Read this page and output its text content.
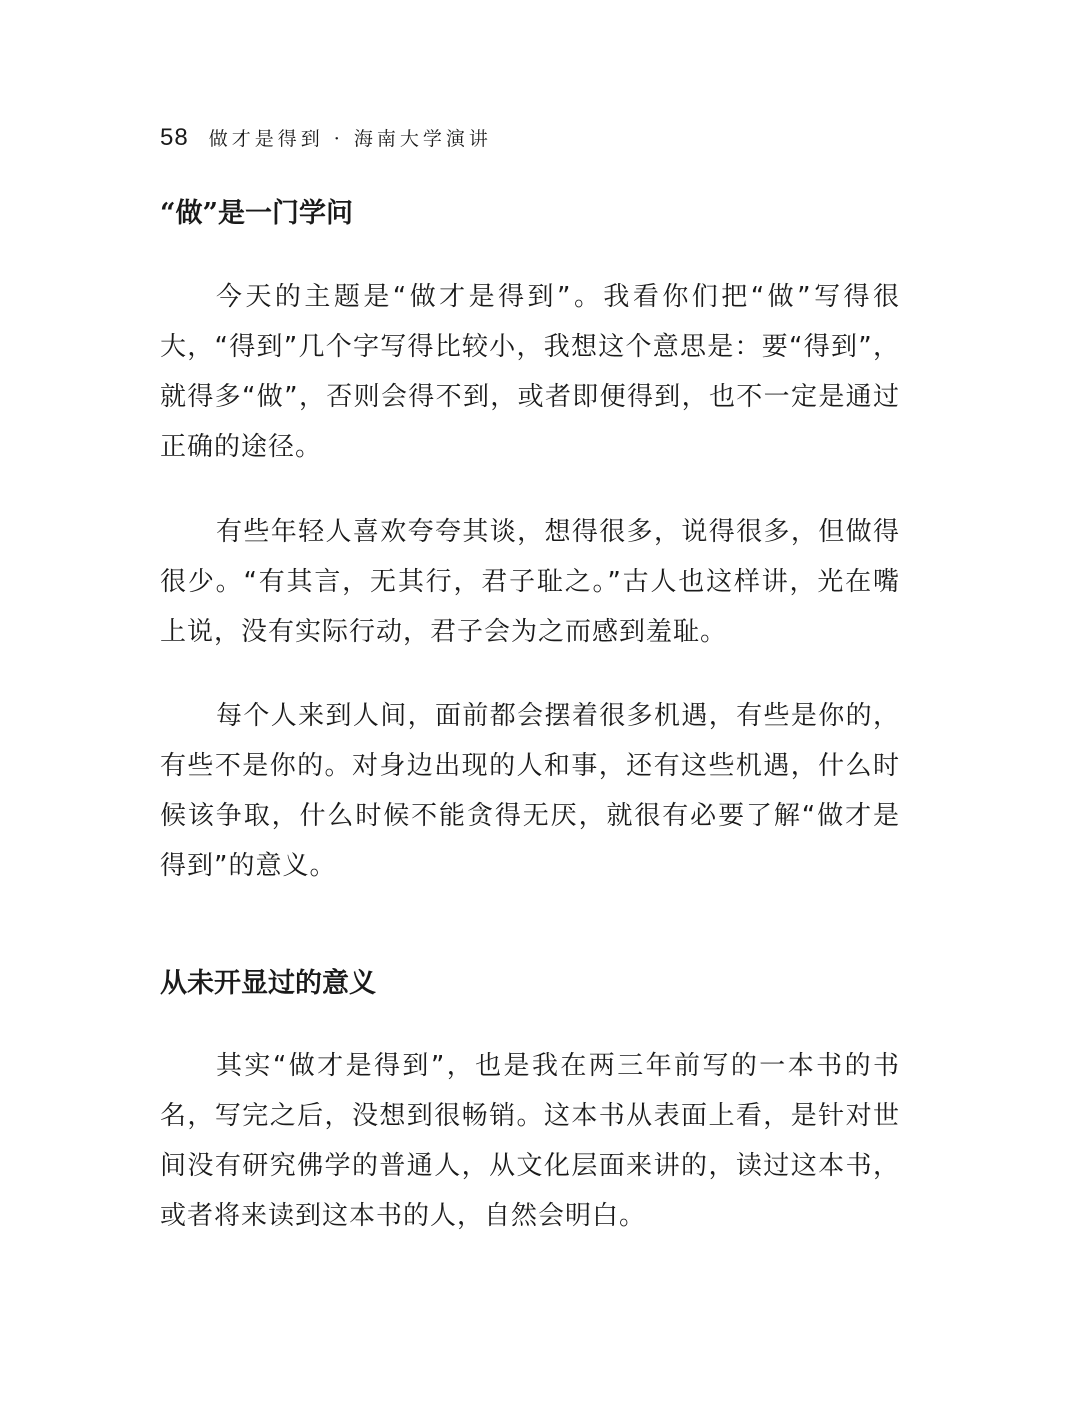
58 做才是得到 · 海南大学演讲
“做”是一门学问

今天的主题是“做才是得到”。我看你们把“做”写得很大，“得到”几个字写得比较小，我想这个意思是：要“得到”，就得多“做”，否则会得不到，或者即便得到，也不一定是通过正确的途径。

有些年轻人喜欢夸夸其谈，想得很多，说得很多，但做得很少。“有其言，无其行，君子耻之。”古人也这样讲，光在嘴上说，没有实际行动，君子会为之而感到羞耻。

每个人来到人间，面前都会摆着很多机遇，有些是你的，有些不是你的。对身边出现的人和事，还有这些机遇，什么时候该争取，什么时候不能贪得无厌，就很有必要了解“做才是得到”的意义。

从未开显过的意义

其实“做才是得到”，也是我在两三年前写的一本书的书名，写完之后，没想到很畅销。这本书从表面上看，是针对世间没有研究佛学的普通人，从文化层面来讲的，读过这本书，或者将来读到这本书的人，自然会明白。
